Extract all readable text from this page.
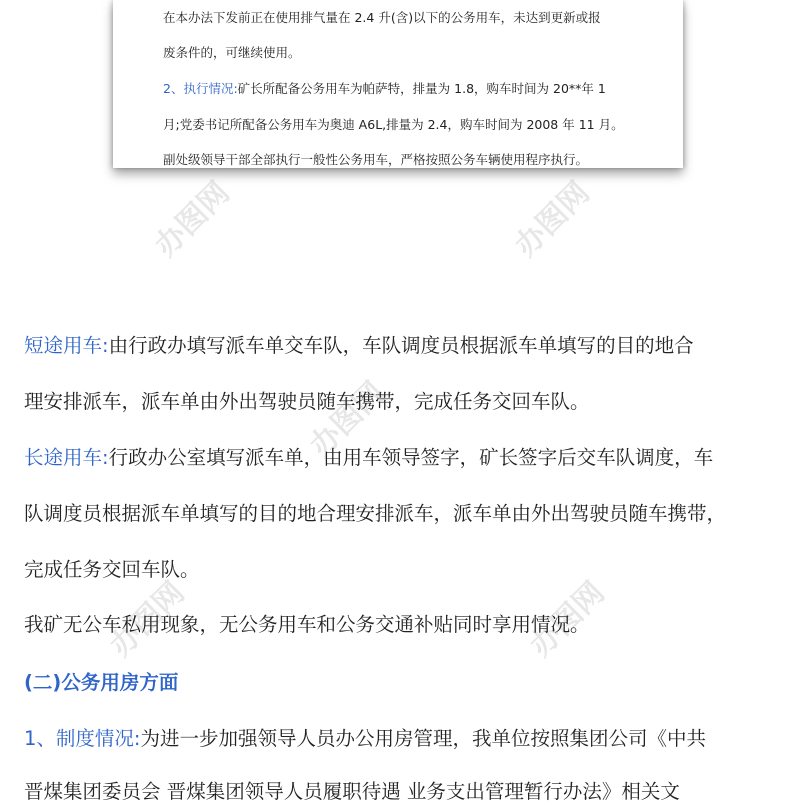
在本办法下发前正在使用排气量在 2.4 升(含)以下的公务用车，未达到更新或报

废条件的，可继续使用。

2、执行情况:矿长所配备公务用车为帕萨特，排量为 1.8，购车时间为 20**年 1

月;党委书记所配备公务用车为奥迪 A6L,排量为 2.4，购车时间为 2008 年 11 月。

副处级领导干部全部执行一般性公务用车，严格按照公务车辆使用程序执行。

办图网	办图网
办图网
办图网	办图网

短途用车:由行政办填写派车单交车队，车队调度员根据派车单填写的目的地合

理安排派车，派车单由外出驾驶员随车携带，完成任务交回车队。

长途用车:行政办公室填写派车单，由用车领导签字，矿长签字后交车队调度，车

队调度员根据派车单填写的目的地合理安排派车，派车单由外出驾驶员随车携带，

完成任务交回车队。

我矿无公车私用现象，无公务用车和公务交通补贴同时享用情况。

(二)公务用房方面

1、制度情况:为进一步加强领导人员办公用房管理，我单位按照集团公司《中共

晋煤集团委员会 晋煤集团领导人员履职待遇 业务支出管理暂行办法》相关文
